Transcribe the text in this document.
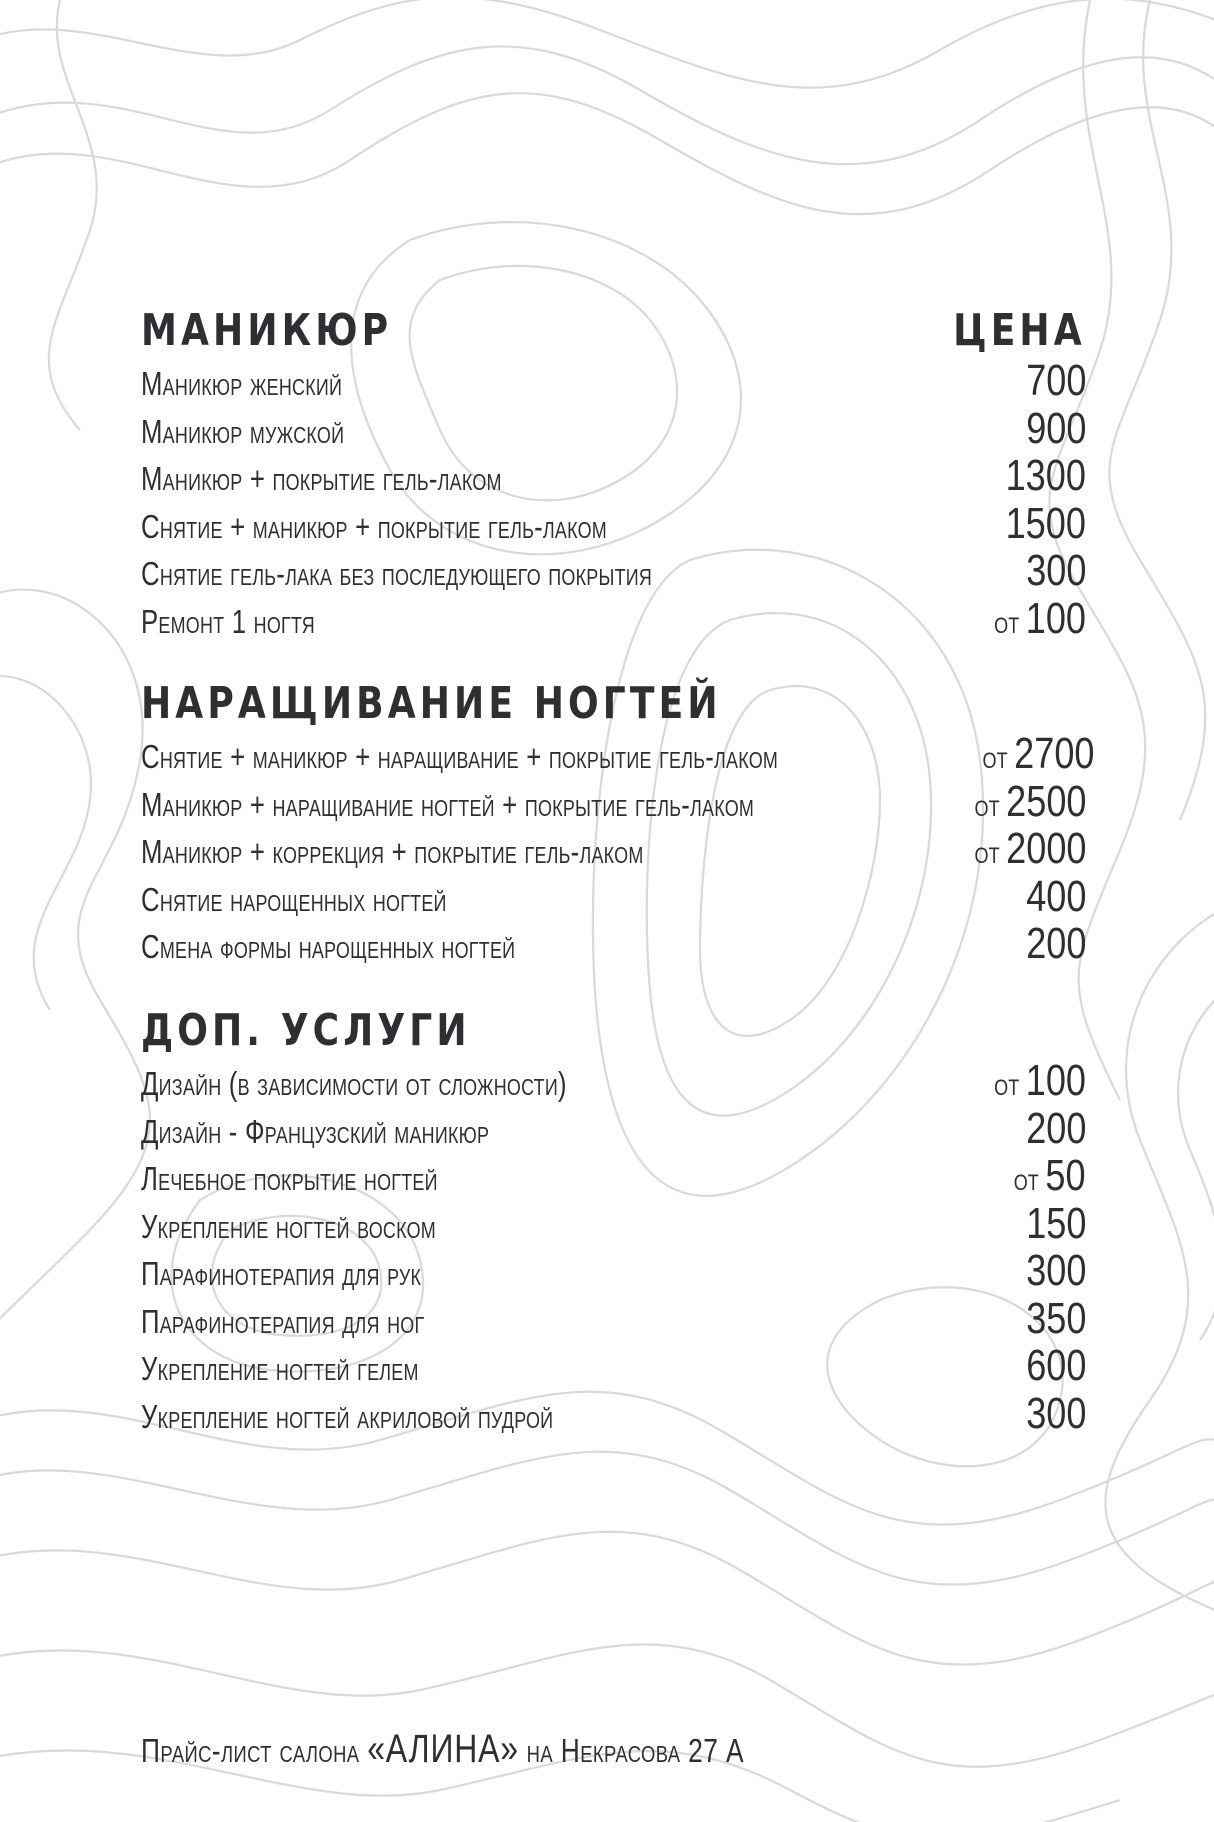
МАНИКЮР	ЦЕНА
Маникюр женский	700
Маникюр мужской	900
Маникюр + покрытие гель-лаком	1300
Снятие + маникюр + покрытие гель-лаком	1500
Снятие гель-лака без последующего покрытия	300
Ремонт 1 ногтя	от 100
НАРАЩИВАНИЕ НОГТЕЙ
Снятие + маникюр + наращивание + покрытие гель-лаком	от 2700
Маникюр + наращивание ногтей + покрытие гель-лаком	от 2500
Маникюр + коррекция + покрытие гель-лаком	от 2000
Снятие нарощенных ногтей	400
Смена формы нарощенных ногтей	200
ДОП. УСЛУГИ
Дизайн (в зависимости от сложности)	от 100
Дизайн - Французский маникюр	200
Лечебное покрытие ногтей	от 50
Укрепление ногтей воском	150
Парафинотерапия для рук	300
Парафинотерапия для ног	350
Укрепление ногтей гелем	600
Укрепление ногтей акриловой пудрой	300
Прайс-лист салона «АЛИНА» на Некрасова 27 А
